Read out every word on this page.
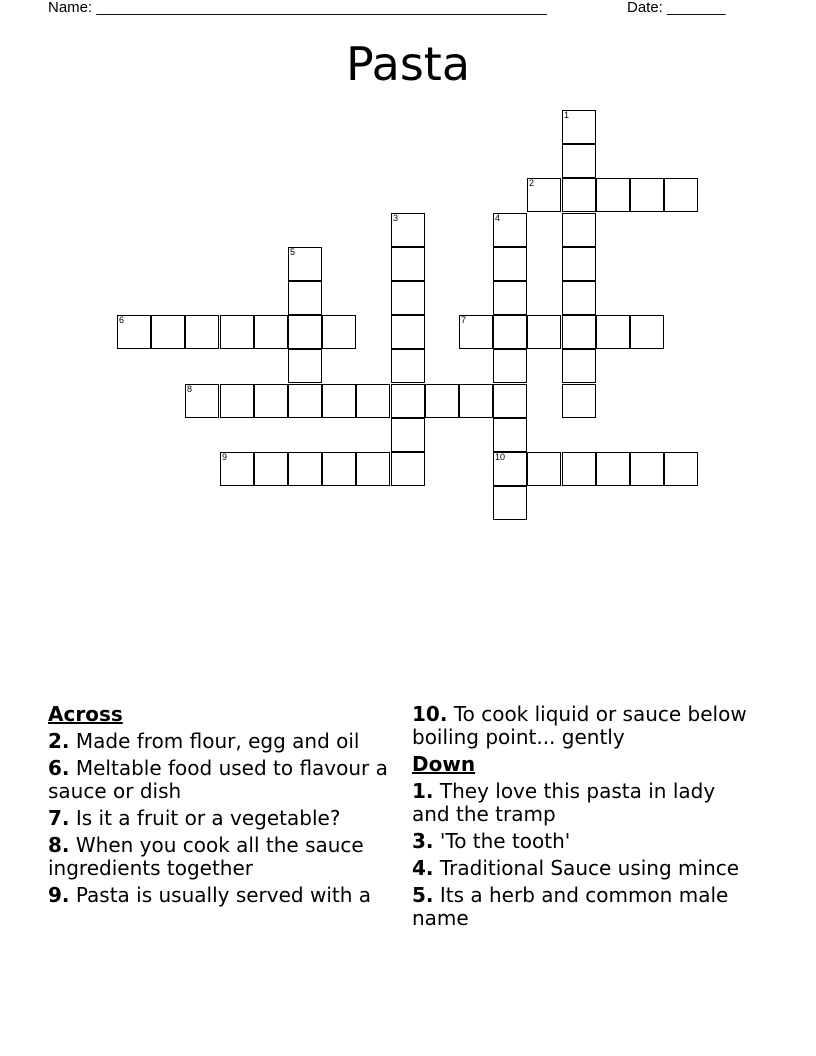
Name: ______________________________________________________	Date: _______
Pasta
1
2
3	4
5
6	7
8
9	10
Across
2. Made from flour, egg and oil
6. Meltable food used to flavour a sauce or dish
7. Is it a fruit or a vegetable?
8. When you cook all the sauce ingredients together
9. Pasta is usually served with a
10. To cook liquid or sauce below boiling point... gently
Down
1. They love this pasta in lady and the tramp
3. 'To the tooth'
4. Traditional Sauce using mince
5. Its a herb and common male name
